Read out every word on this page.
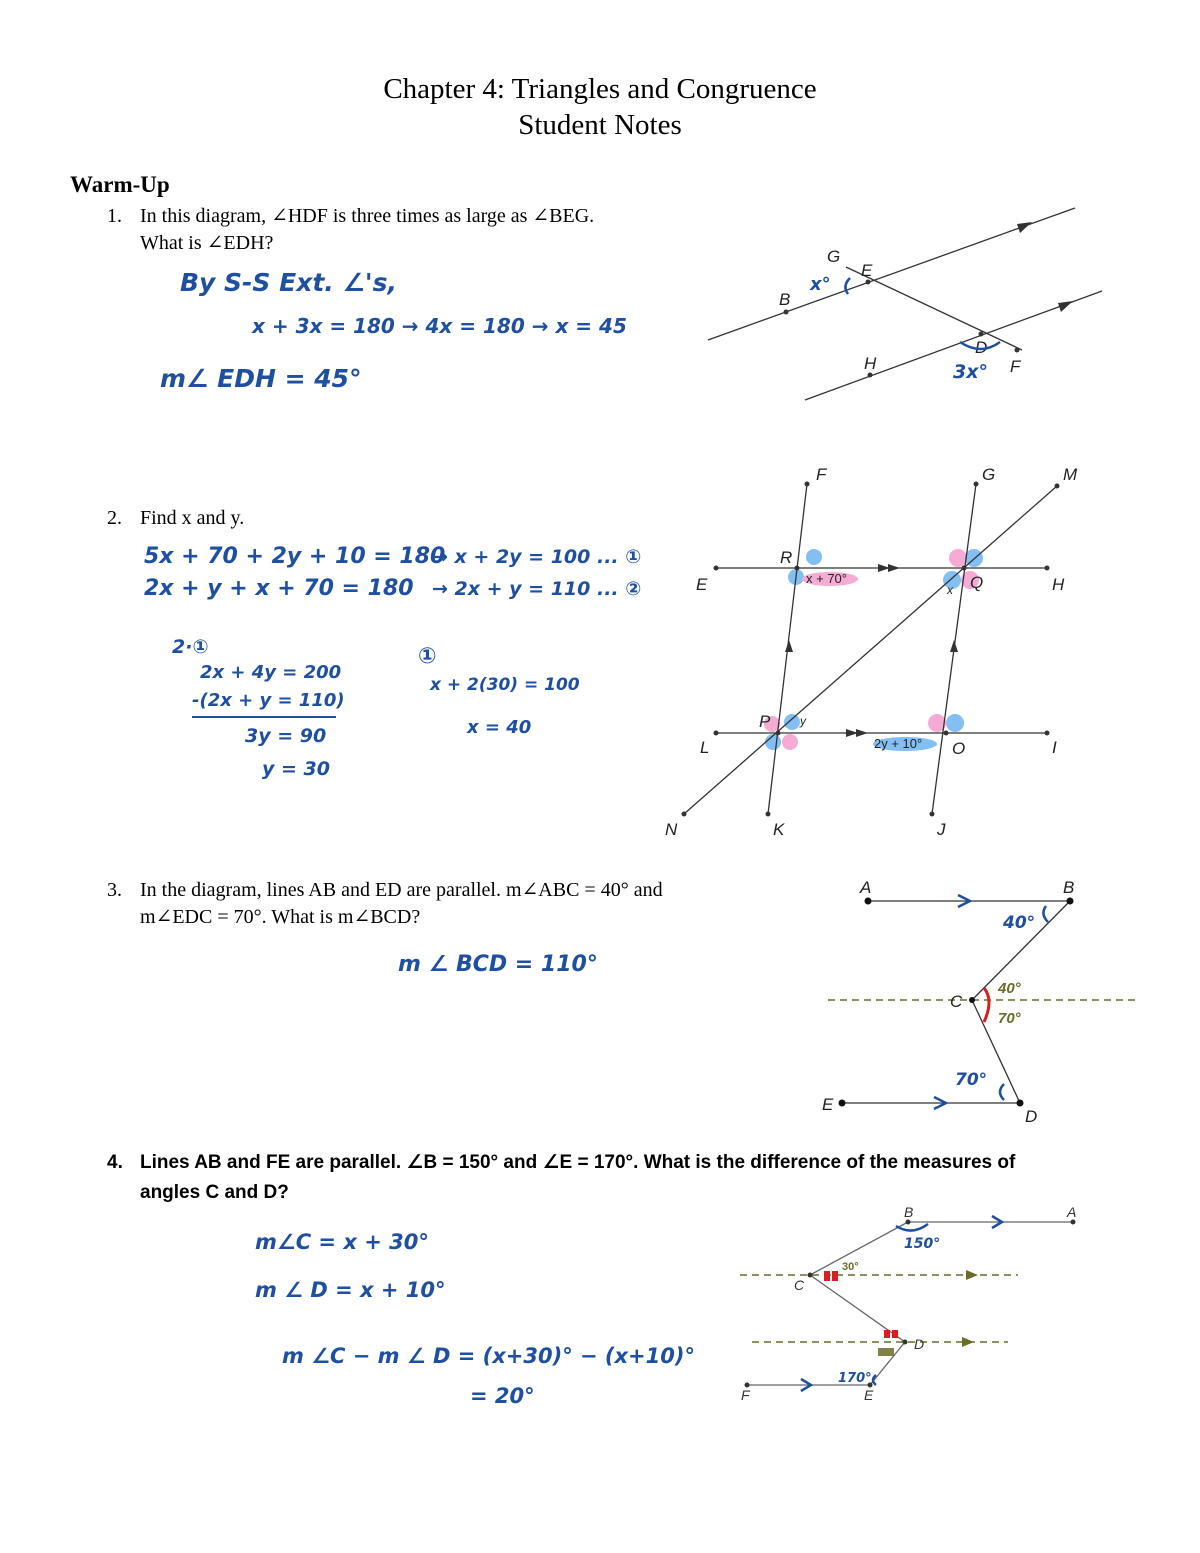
Chapter 4: Triangles and Congruence
Student Notes
Warm-Up
1. In this diagram, ∠HDF is three times as large as ∠BEG.
What is ∠EDH?
By S-S Ext. ∠'s,
x + 3x = 180 → 4x = 180 → x = 45
m∠ EDH = 45°
G
E
B
D
H	F
x°
3x°
2. Find x and y.
5x + 70 + 2y + 10 = 180
→ x + 2y = 100 ... ①
2x + y + x + 70 = 180 → 2x + y = 110 ... ②
2·①
2x + 4y = 200
-(2x + y = 110)
3y = 90
y = 30
①
x + 2(30) = 100
x = 40
F	G	M
R
Q
E	H
P
O
L	I
N	K	J
x + 70°
2y + 10°
x
y
3. In the diagram, lines AB and ED are parallel. m∠ABC = 40° and
m∠EDC = 70°. What is m∠BCD?
m ∠ BCD = 110°
A	B
C
E
D
40°
40°
70°
70°
4. Lines AB and FE are parallel. ∠B = 150° and ∠E = 170°. What is the difference of the measures of
angles C and D?
m∠C = x + 30°
m ∠ D = x + 10°
m ∠C − m ∠ D = (x+30)° − (x+10)°
= 20°
B	A
C
D
F	E
150°
30°
170°
